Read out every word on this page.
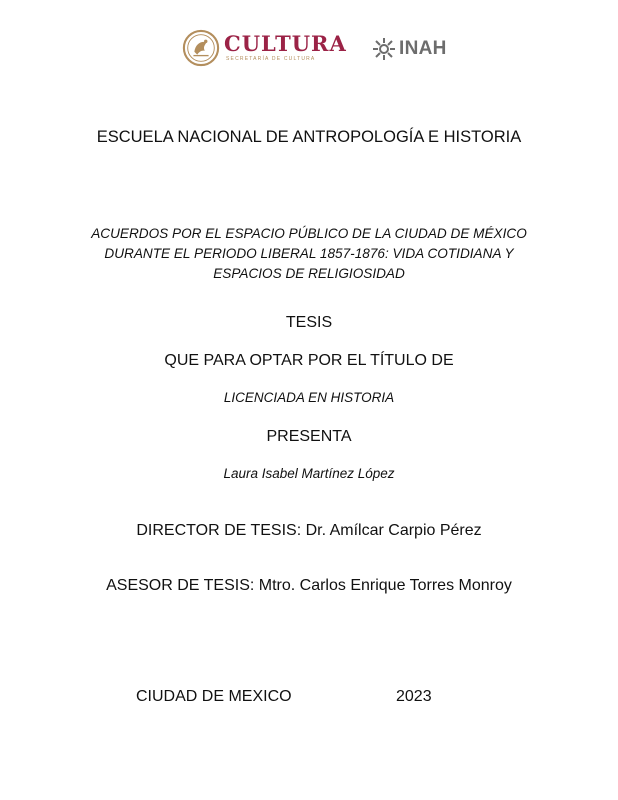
CULTURA
SECRETARÍA DE CULTURA	INAH
ESCUELA NACIONAL DE ANTROPOLOGÍA E HISTORIA
ACUERDOS POR EL ESPACIO PÚBLICO DE LA CIUDAD DE MÉXICO
DURANTE EL PERIODO LIBERAL 1857-1876: VIDA COTIDIANA Y
ESPACIOS DE RELIGIOSIDAD
TESIS
QUE PARA OPTAR POR EL TÍTULO DE
LICENCIADA EN HISTORIA
PRESENTA
Laura Isabel Martínez López
DIRECTOR DE TESIS: Dr. Amílcar Carpio Pérez
ASESOR DE TESIS: Mtro. Carlos Enrique Torres Monroy
CIUDAD DE MEXICO	2023
